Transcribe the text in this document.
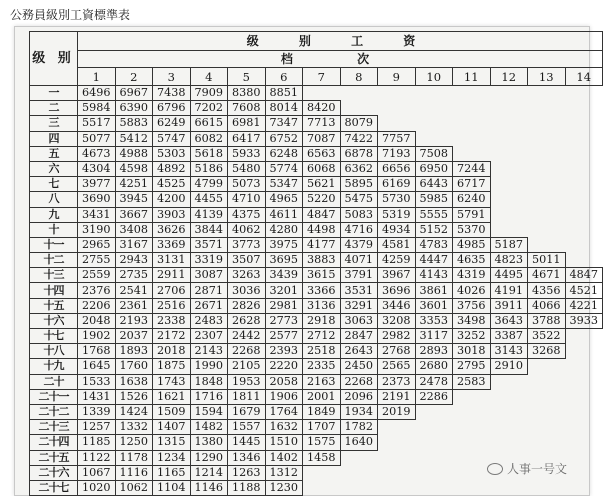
公務員級別工資標準表
级 别	级 别 工 资													
	档 次													
	1	2	3	4	5	6	7	8	9	10	11	12	13	14
一	6496	6967	7438	7909	8380	8851								
二	5984	6390	6796	7202	7608	8014	8420							
三	5517	5883	6249	6615	6981	7347	7713	8079						
四	5077	5412	5747	6082	6417	6752	7087	7422	7757					
五	4673	4988	5303	5618	5933	6248	6563	6878	7193	7508				
六	4304	4598	4892	5186	5480	5774	6068	6362	6656	6950	7244			
七	3977	4251	4525	4799	5073	5347	5621	5895	6169	6443	6717			
八	3690	3945	4200	4455	4710	4965	5220	5475	5730	5985	6240			
九	3431	3667	3903	4139	4375	4611	4847	5083	5319	5555	5791			
十	3190	3408	3626	3844	4062	4280	4498	4716	4934	5152	5370			
十一	2965	3167	3369	3571	3773	3975	4177	4379	4581	4783	4985	5187		
十二	2755	2943	3131	3319	3507	3695	3883	4071	4259	4447	4635	4823	5011	
十三	2559	2735	2911	3087	3263	3439	3615	3791	3967	4143	4319	4495	4671	4847
十四	2376	2541	2706	2871	3036	3201	3366	3531	3696	3861	4026	4191	4356	4521
十五	2206	2361	2516	2671	2826	2981	3136	3291	3446	3601	3756	3911	4066	4221
十六	2048	2193	2338	2483	2628	2773	2918	3063	3208	3353	3498	3643	3788	3933
十七	1902	2037	2172	2307	2442	2577	2712	2847	2982	3117	3252	3387	3522	
十八	1768	1893	2018	2143	2268	2393	2518	2643	2768	2893	3018	3143	3268	
十九	1645	1760	1875	1990	2105	2220	2335	2450	2565	2680	2795	2910		
二十	1533	1638	1743	1848	1953	2058	2163	2268	2373	2478	2583			
二十一	1431	1526	1621	1716	1811	1906	2001	2096	2191	2286				
二十二	1339	1424	1509	1594	1679	1764	1849	1934	2019					
二十三	1257	1332	1407	1482	1557	1632	1707	1782						
二十四	1185	1250	1315	1380	1445	1510	1575	1640						
二十五	1122	1178	1234	1290	1346	1402	1458							
二十六	1067	1116	1165	1214	1263	1312								
二十七	1020	1062	1104	1146	1188	1230								
人事一号文
